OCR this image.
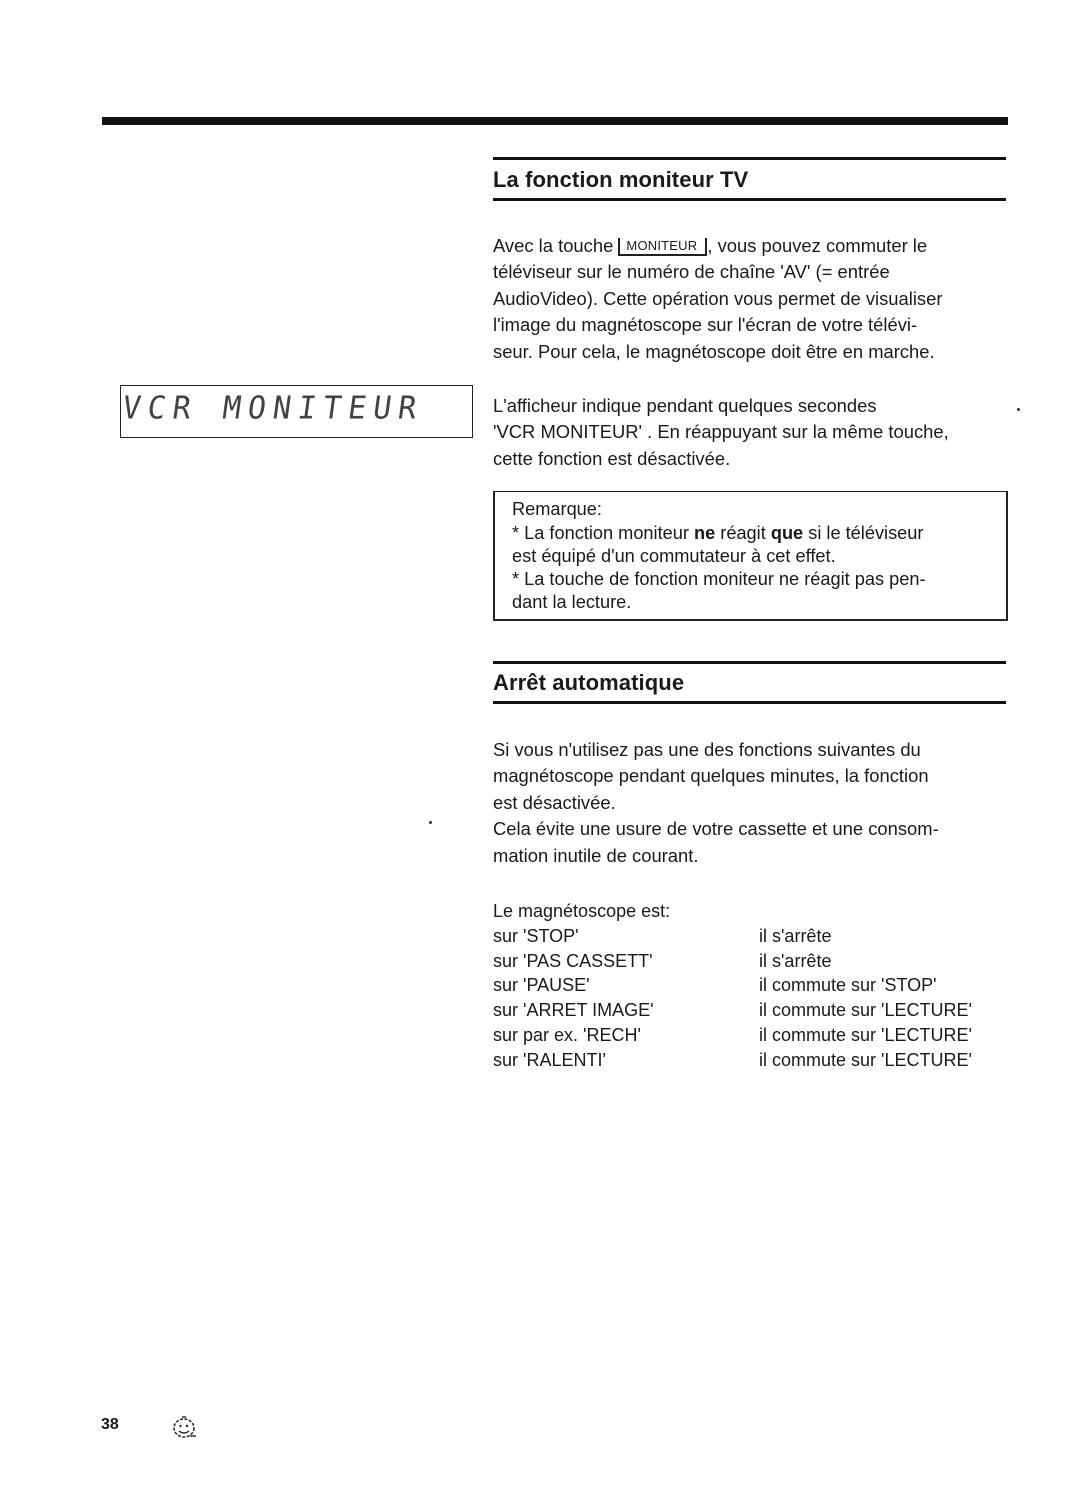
La fonction moniteur TV
Avec la touche MONITEUR , vous pouvez commuter le
téléviseur sur le numéro de chaîne 'AV' (= entrée
AudioVideo). Cette opération vous permet de visualiser
l'image du magnétoscope sur l'écran de votre télévi-
seur. Pour cela, le magnétoscope doit être en marche.
VCR MONITEUR	L'afficheur indique pendant quelques secondes
'VCR MONITEUR' . En réappuyant sur la même touche,
cette fonction est désactivée.

Remarque:

* La fonction moniteur ne réagit que si le téléviseur

est équipé d'un commutateur à cet effet.

* La touche de fonction moniteur ne réagit pas pen-

dant la lecture.

Arrêt automatique
Si vous n'utilisez pas une des fonctions suivantes du
magnétoscope pendant quelques minutes, la fonction
est désactivée.
Cela évite une usure de votre cassette et une consom-
mation inutile de courant.
Le magnétoscope est:
sur 'STOP'	il s'arrête
sur 'PAS CASSETT'	il s'arrête
sur 'PAUSE'	il commute sur 'STOP'
sur 'ARRET IMAGE'	il commute sur 'LECTURE'
sur par ex. 'RECH'	il commute sur 'LECTURE'
sur 'RALENTI'	il commute sur 'LECTURE'
38
